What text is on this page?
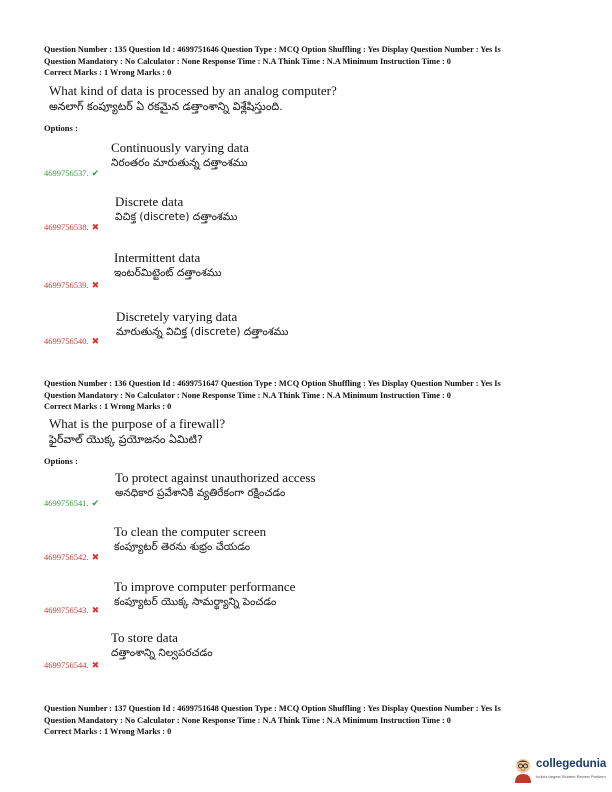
Question Number : 135 Question Id : 4699751646 Question Type : MCQ Option Shuffling : Yes Display Question Number : Yes Is
Question Mandatory : No Calculator : None Response Time : N.A Think Time : N.A Minimum Instruction Time : 0
Correct Marks : 1 Wrong Marks : 0
What kind of data is processed by an analog computer?
అనలాగ్ కంప్యూటర్ ఏ రకమైన డత్తాంశాన్ని విశ్లేషిస్తుంది.
Options :
Continuously varying data
నిరంతరం మారుతున్న దత్తాంశము
4699756537. ✔
Discrete data
విచిక్త (discrete) దత్తాంశము
4699756538. ✖
Intermittent data
ఇంటర్‌మిట్టెంట్ దత్తాంశము
4699756539. ✖
Discretely varying data
మారుతున్న విచిక్త (discrete) దత్తాంశము
4699756540. ✖
Question Number : 136 Question Id : 4699751647 Question Type : MCQ Option Shuffling : Yes Display Question Number : Yes Is
Question Mandatory : No Calculator : None Response Time : N.A Think Time : N.A Minimum Instruction Time : 0
Correct Marks : 1 Wrong Marks : 0
What is the purpose of a firewall?
ఫైర్‌వాల్ యొక్క ప్రయోజనం ఏమిటి?
Options :
To protect against unauthorized access
అనధికార ప్రవేశానికి వ్యతిరేకంగా రక్షించడం
4699756541. ✔
To clean the computer screen
కంప్యూటర్ తెరను శుభ్రం చేయడం
4699756542. ✖
To improve computer performance
కంప్యూటర్ యొక్క సామర్థ్యాన్ని పెంచడం
4699756543. ✖
To store data
దత్తాంశాన్ని నిల్వపరచడం
4699756544. ✖
Question Number : 137 Question Id : 4699751648 Question Type : MCQ Option Shuffling : Yes Display Question Number : Yes Is
Question Mandatory : No Calculator : None Response Time : N.A Think Time : N.A Minimum Instruction Time : 0
Correct Marks : 1 Wrong Marks : 0
collegedunia
India's largest Student Review Platform
